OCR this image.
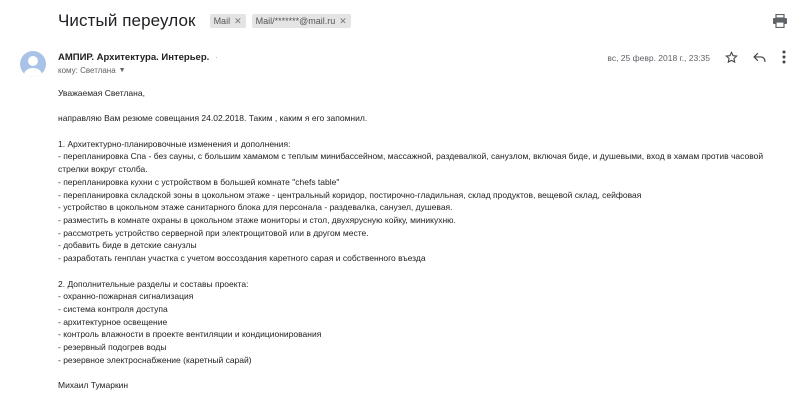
Чистый переулок Mail ✕ Mail/*******@mail.ru ✕
АМПИР. Архитектура. Интерьер. ·
кому: Светлана ▼
вс, 25 февр. 2018 г., 23:35

Уважаемая Светлана,

направляю Вам резюме совещания 24.02.2018. Таким , каким я его запомнил.

1. Архитектурно-планировочные изменения и дополнения:

- перепланировка Спа - без сауны, с большим хамамом с теплым минибассейном, массажной, раздевалкой, санузлом, включая биде, и душевыми, вход в хамам против часовой стрелки вокруг столба.

- перепланировка кухни с устройством в большей комнате "chefs table"

- перепланировка складской зоны в цокольном этаже - центральный коридор, постирочно-гладильная, склад продуктов, вещевой склад, сейфовая

- устройство в цокольном этаже санитарного блока для персонала - раздевалка, санузел, душевая.

- разместить в комнате охраны в цокольном этаже мониторы и стол, двухярусную койку, миникухню.

- рассмотреть устройство серверной при электрощитовой или в другом месте.

- добавить биде в детские санузлы

- разработать генплан участка с учетом воссоздания каретного сарая и собственного въезда

2. Дополнительные разделы и составы проекта:

- охранно-пожарная сигнализация

- система контроля доступа

- архитектурное освещение

- контроль влажности в проекте вентиляции и кондиционирования

- резервный подогрев воды

- резервное электроснабжение (каретный сарай)

Михаил Тумаркин
